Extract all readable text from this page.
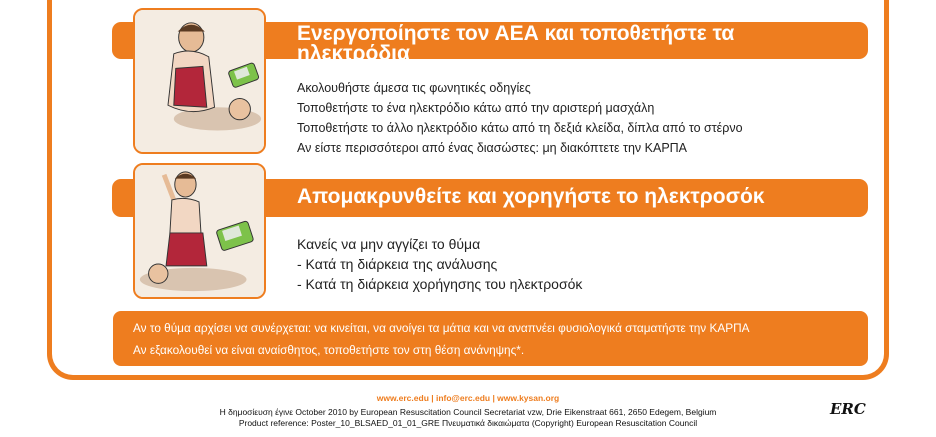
Ενεργοποίηστε τον ΑΕΑ και τοποθετήστε τα ηλεκτρόδια
Ακολουθήστε άμεσα τις φωνητικές οδηγίες
Τοποθετήστε το ένα ηλεκτρόδιο κάτω από την αριστερή μασχάλη
Τοποθετήστε το άλλο ηλεκτρόδιο κάτω από τη δεξιά κλείδα, δίπλα από το στέρνο
Αν είστε περισσότεροι από ένας διασώστες: μη διακόπτετε την ΚΑΡΠΑ
Απομακρυνθείτε και χορηγήστε το ηλεκτροσόκ
Κανείς να μην αγγίζει το θύμα
- Κατά τη διάρκεια της ανάλυσης
- Κατά τη διάρκεια χορήγησης του ηλεκτροσόκ
Αν το θύμα αρχίσει να συνέρχεται: να κινείται, να ανοίγει τα μάτια και να αναπνέει φυσιολογικά σταματήστε την ΚΑΡΠΑ
Αν εξακολουθεί να είναι αναίσθητος, τοποθετήστε τον στη θέση ανάνηψης*.
www.erc.edu | info@erc.edu | www.kysan.org
Η δημοσίευση έγινε October 2010 by European Resuscitation Council Secretariat vzw, Drie Eikenstraat 661, 2650 Edegem, Belgium
Product reference: Poster_10_BLSAED_01_01_GRE Πνευματικά δικαιώματα (Copyright) European Resuscitation Council
ERC
